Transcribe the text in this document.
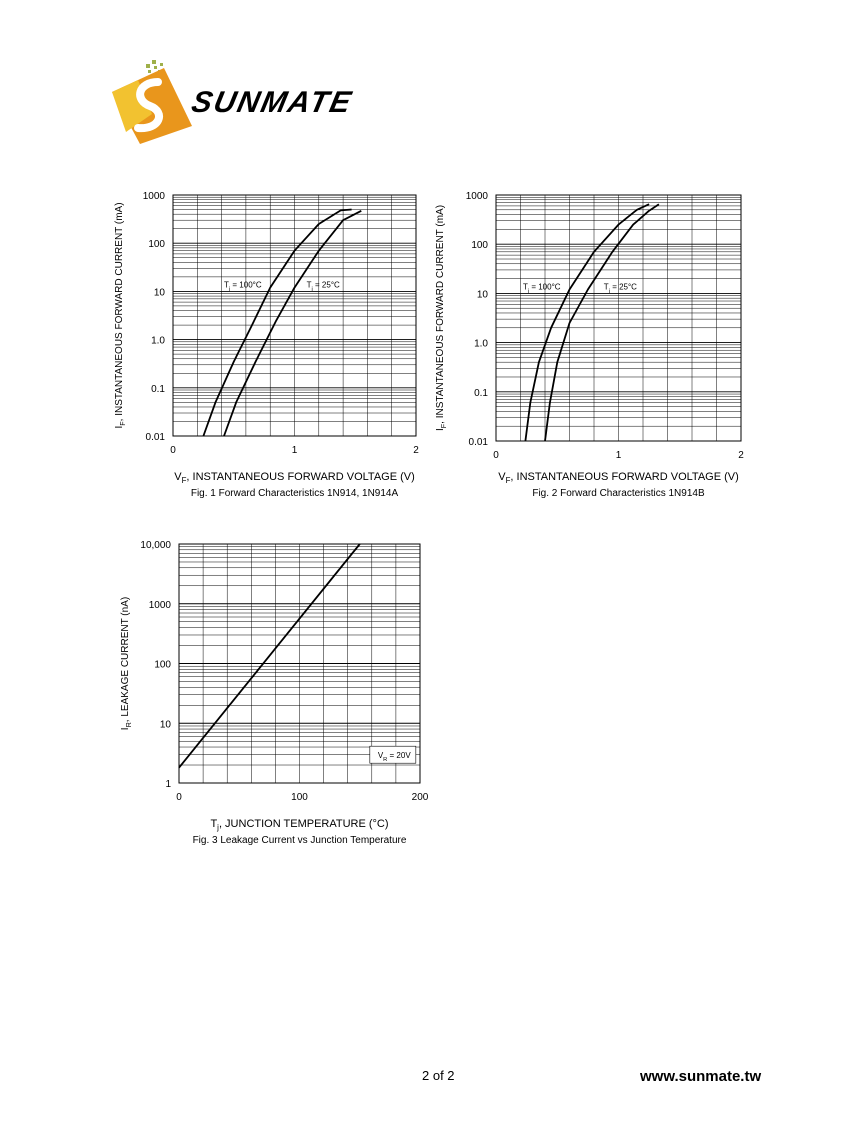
SUNMATE
0.01
0.1
1.0
10
100
1000
0	1	2
$T_j = 100^\circ C$	$T_j = 25^\circ C$
$V_F$, INSTANTANEOUS FORWARD VOLTAGE (V)
$I_F$, INSTANTANEOUS FORWARD CURRENT (mA)
Fig. 1 Forward Characteristics 1N914, 1N914A
0.01
0.1
1.0
10
100
1000
0	1	2
$T_j = 100^\circ C$	$T_j = 25^\circ C$
$V_F$, INSTANTANEOUS FORWARD VOLTAGE (V)
$I_F$, INSTANTANEOUS FORWARD CURRENT (mA)
Fig. 2 Forward Characteristics 1N914B
1
10
100
1000
10,000
0	100	200
$V_R = 20V$
$T_j$, JUNCTION TEMPERATURE (°C)
$I_R$, LEAKAGE CURRENT (nA)
Fig. 3 Leakage Current vs Junction Temperature
2 of 2	www.sunmate.tw
